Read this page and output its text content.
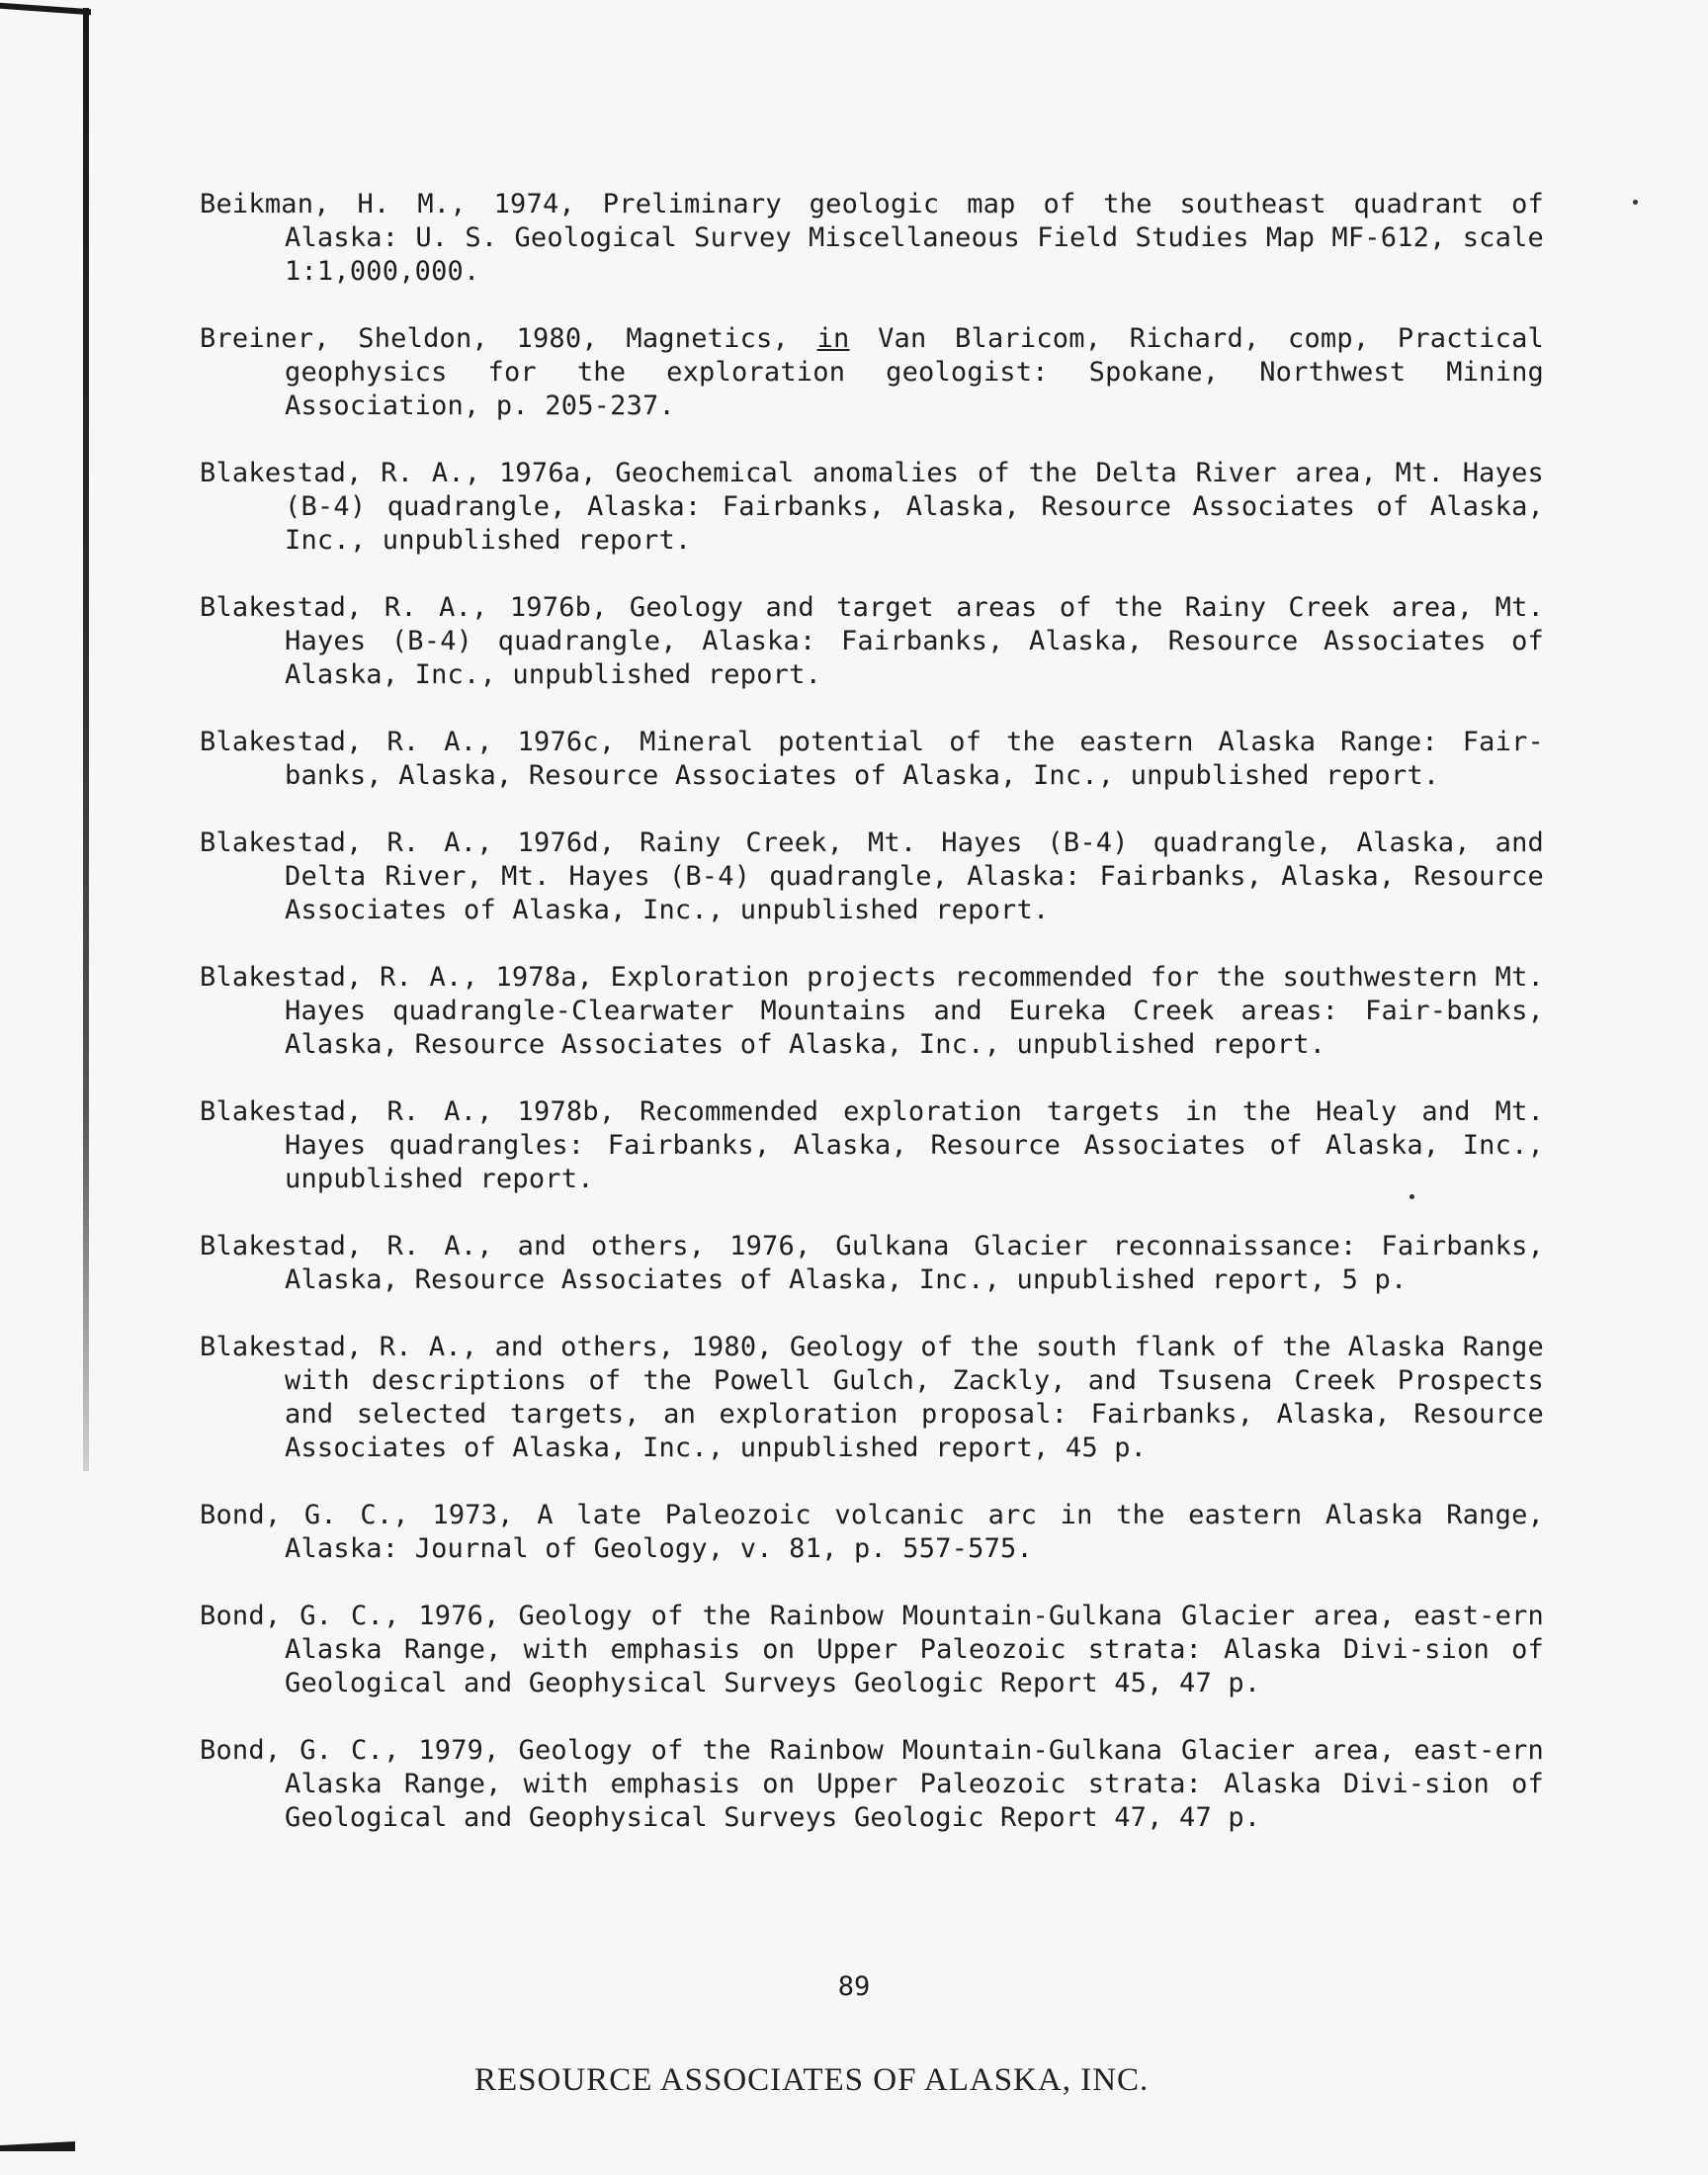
Beikman, H. M., 1974, Preliminary geologic map of the southeast quadrant of Alaska: U. S. Geological Survey Miscellaneous Field Studies Map MF-612, scale 1:1,000,000.

Breiner, Sheldon, 1980, Magnetics, in Van Blaricom, Richard, comp, Practical geophysics for the exploration geologist: Spokane, Northwest Mining Association, p. 205-237.

Blakestad, R. A., 1976a, Geochemical anomalies of the Delta River area, Mt. Hayes (B-4) quadrangle, Alaska: Fairbanks, Alaska, Resource Associates of Alaska, Inc., unpublished report.

Blakestad, R. A., 1976b, Geology and target areas of the Rainy Creek area, Mt. Hayes (B-4) quadrangle, Alaska: Fairbanks, Alaska, Resource Associates of Alaska, Inc., unpublished report.

Blakestad, R. A., 1976c, Mineral potential of the eastern Alaska Range: Fair-banks, Alaska, Resource Associates of Alaska, Inc., unpublished report.

Blakestad, R. A., 1976d, Rainy Creek, Mt. Hayes (B-4) quadrangle, Alaska, and Delta River, Mt. Hayes (B-4) quadrangle, Alaska: Fairbanks, Alaska, Resource Associates of Alaska, Inc., unpublished report.

Blakestad, R. A., 1978a, Exploration projects recommended for the southwestern Mt. Hayes quadrangle-Clearwater Mountains and Eureka Creek areas: Fair-banks, Alaska, Resource Associates of Alaska, Inc., unpublished report.

Blakestad, R. A., 1978b, Recommended exploration targets in the Healy and Mt. Hayes quadrangles: Fairbanks, Alaska, Resource Associates of Alaska, Inc., unpublished report.

Blakestad, R. A., and others, 1976, Gulkana Glacier reconnaissance: Fairbanks, Alaska, Resource Associates of Alaska, Inc., unpublished report, 5 p.

Blakestad, R. A., and others, 1980, Geology of the south flank of the Alaska Range with descriptions of the Powell Gulch, Zackly, and Tsusena Creek Prospects and selected targets, an exploration proposal: Fairbanks, Alaska, Resource Associates of Alaska, Inc., unpublished report, 45 p.

Bond, G. C., 1973, A late Paleozoic volcanic arc in the eastern Alaska Range, Alaska: Journal of Geology, v. 81, p. 557-575.

Bond, G. C., 1976, Geology of the Rainbow Mountain-Gulkana Glacier area, east-ern Alaska Range, with emphasis on Upper Paleozoic strata: Alaska Divi-sion of Geological and Geophysical Surveys Geologic Report 45, 47 p.

Bond, G. C., 1979, Geology of the Rainbow Mountain-Gulkana Glacier area, east-ern Alaska Range, with emphasis on Upper Paleozoic strata: Alaska Divi-sion of Geological and Geophysical Surveys Geologic Report 47, 47 p.

89
RESOURCE ASSOCIATES OF ALASKA, INC.
